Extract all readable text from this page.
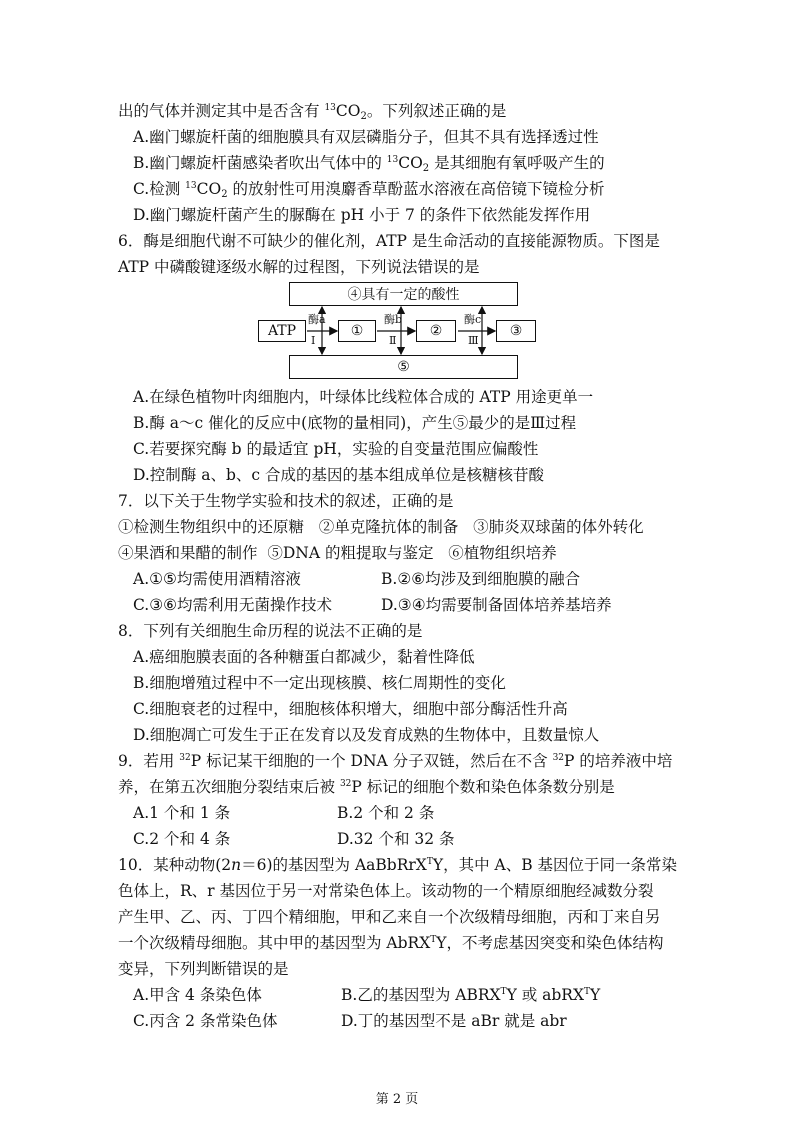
出的气体并测定其中是否含有 $^{13}CO_2$。下列叙述正确的是
A.幽门螺旋杆菌的细胞膜具有双层磷脂分子，但其不具有选择透过性
B.幽门螺旋杆菌感染者吹出气体中的 $^{13}CO_2$ 是其细胞有氧呼吸产生的
C.检测 $^{13}CO_2$ 的放射性可用溴麝香草酚蓝水溶液在高倍镜下镜检分析
D.幽门螺旋杆菌产生的脲酶在 pH 小于 7 的条件下依然能发挥作用
6．酶是细胞代谢不可缺少的催化剂，ATP 是生命活动的直接能源物质。下图是
ATP 中磷酸键逐级水解的过程图，下列说法错误的是
④具有一定的酸性
ATP	①	②	③
⑤
酶a	酶b	酶c
Ⅰ	Ⅱ	Ⅲ
A.在绿色植物叶肉细胞内，叶绿体比线粒体合成的 ATP 用途更单一
B.酶 a～c 催化的反应中(底物的量相同)，产生⑤最少的是Ⅲ过程
C.若要探究酶 b 的最适宜 pH，实验的自变量范围应偏酸性
D.控制酶 a、b、c 合成的基因的基本组成单位是核糖核苷酸
7．以下关于生物学实验和技术的叙述，正确的是
①检测生物组织中的还原糖   ②单克隆抗体的制备   ③肺炎双球菌的体外转化
④果酒和果醋的制作  ⑤DNA 的粗提取与鉴定   ⑥植物组织培养
A.①⑤均需使用酒精溶液	B.②⑥均涉及到细胞膜的融合
C.③⑥均需利用无菌操作技术	D.③④均需要制备固体培养基培养
8．下列有关细胞生命历程的说法不正确的是
A.癌细胞膜表面的各种糖蛋白都减少，黏着性降低
B.细胞增殖过程中不一定出现核膜、核仁周期性的变化
C.细胞衰老的过程中，细胞核体积增大，细胞中部分酶活性升高
D.细胞凋亡可发生于正在发育以及发育成熟的生物体中，且数量惊人
9．若用 $^{32}$P 标记某干细胞的一个 DNA 分子双链，然后在不含 $^{32}$P 的培养液中培
养，在第五次细胞分裂结束后被 $^{32}$P 标记的细胞个数和染色体条数分别是
A.1 个和 1 条	B.2 个和 2 条
C.2 个和 4 条	D.32 个和 32 条
10．某种动物(2n＝6)的基因型为 AaBbRrX$^T$Y，其中 A、B 基因位于同一条常染
色体上，R、r 基因位于另一对常染色体上。该动物的一个精原细胞经减数分裂
产生甲、乙、丙、丁四个精细胞，甲和乙来自一个次级精母细胞，丙和丁来自另
一个次级精母细胞。其中甲的基因型为 AbRX$^T$Y，不考虑基因突变和染色体结构
变异，下列判断错误的是
A.甲含 4 条染色体	B.乙的基因型为 $ABRX^TY$ 或 abRX$^T$Y
C.丙含 2 条常染色体	D.丁的基因型不是 aBr 就是 abr
第 2 页
